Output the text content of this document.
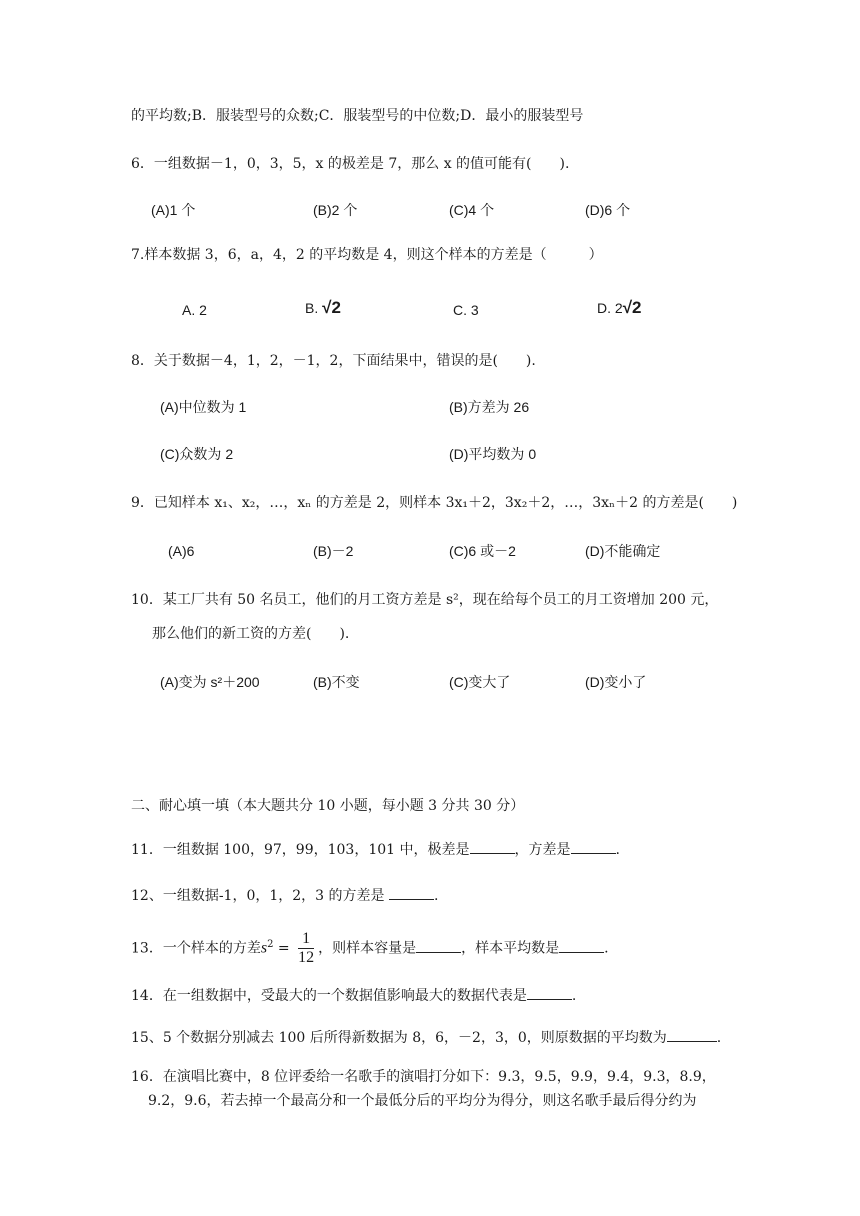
的平均数;B．服装型号的众数;C．服装型号的中位数;D．最小的服装型号
6．一组数据－1，0，3，5，x 的极差是 7，那么 x 的值可能有(　　).
(A)1 个	(B)2 个	(C)4 个	(D)6 个
7.样本数据 3，6，a，4，2 的平均数是 4，则这个样本的方差是（　　　）
A. 2	B. √2	C. 3	D. 2√2
8．关于数据－4，1，2，－1，2，下面结果中，错误的是(　　).
(A)中位数为 1	(B)方差为 26
(C)众数为 2	(D)平均数为 0
9．已知样本 x₁、x₂，…，xₙ 的方差是 2，则样本 3x₁＋2，3x₂＋2，…，3xₙ＋2 的方差是(　　)
(A)6	(B)－2	(C)6 或－2	(D)不能确定
10．某工厂共有 50 名员工，他们的月工资方差是 s²，现在给每个员工的月工资增加 200 元，
那么他们的新工资的方差(　　).
(A)变为 s²＋200	(B)不变	(C)变大了	(D)变小了
二、耐心填一填（本大题共分 10 小题，每小题 3 分共 30 分）
11．一组数据 100，97，99，103，101 中，极差是	，方差是	.
12、一组数据-1，0，1，2，3 的方差是	.
13．一个样本的方差$s^2 = \frac{1}{12}$ ，则样本容量是	，样本平均数是	.
14．在一组数据中，受最大的一个数据值影响最大的数据代表是	.
15、5 个数据分别减去 100 后所得新数据为 8，6，－2，3，0，则原数据的平均数为	.
16．在演唱比赛中，8 位评委给一名歌手的演唱打分如下：9.3，9.5，9.9，9.4，9.3，8.9，
9.2，9.6，若去掉一个最高分和一个最低分后的平均分为得分，则这名歌手最后得分约为
